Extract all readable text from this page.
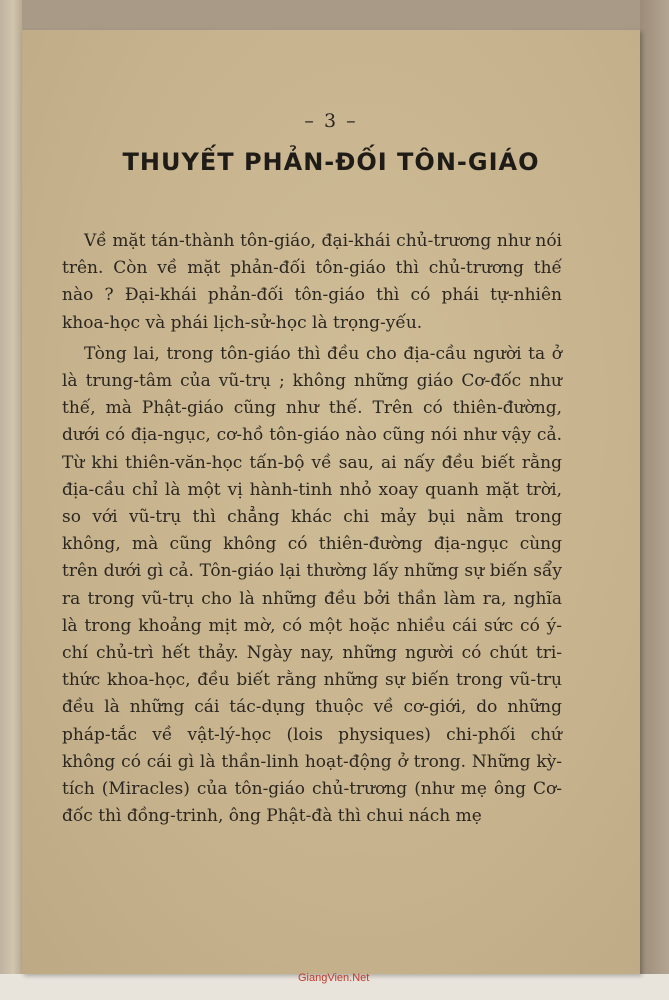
– 3 –
THUYẾT PHẢN-ĐỐI TÔN-GIÁO

Về mặt tán-thành tôn-giáo, đại-khái chủ-trương như nói trên. Còn về mặt phản-đối tôn-giáo thì chủ-trương thế nào ? Đại-khái phản-đối tôn-giáo thì có phái tự-nhiên khoa-học và phái lịch-sử-học là trọng-yếu.

Tòng lai, trong tôn-giáo thì đều cho địa-cầu người ta ở là trung-tâm của vũ-trụ ; không những giáo Cơ-đốc như thế, mà Phật-giáo cũng như thế. Trên có thiên-đường, dưới có địa-ngục, cơ-hồ tôn-giáo nào cũng nói như vậy cả. Từ khi thiên-văn-học tấn-bộ về sau, ai nấy đều biết rằng địa-cầu chỉ là một vị hành-tinh nhỏ xoay quanh mặt trời, so với vũ-trụ thì chẳng khác chi mảy bụi nằm trong không, mà cũng không có thiên-đường địa-ngục cùng trên dưới gì cả. Tôn-giáo lại thường lấy những sự biến sẩy ra trong vũ-trụ cho là những đều bởi thần làm ra, nghĩa là trong khoảng mịt mờ, có một hoặc nhiều cái sức có ý-chí chủ-trì hết thảy. Ngày nay, những người có chút tri-thức khoa-học, đều biết rằng những sự biến trong vũ-trụ đều là những cái tác-dụng thuộc về cơ-giới, do những pháp-tắc về vật-lý-học (lois physiques) chi-phối chứ không có cái gì là thần-linh hoạt-động ở trong. Những kỳ-tích (Miracles) của tôn-giáo chủ-trương (như mẹ ông Cơ-đốc thì đồng-trinh, ông Phật-đà thì chui nách mẹ

GiangVien.Net
